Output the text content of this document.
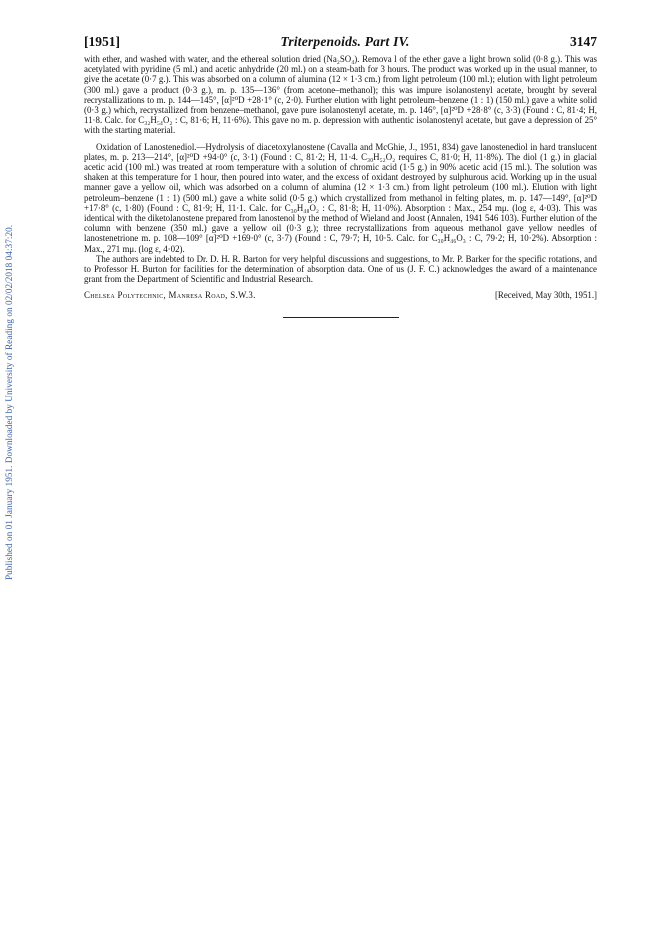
Published on 01 January 1951. Downloaded by University of Reading on 02/02/2018 04:37:20.
[1951]	Triterpenoids. Part IV.	3147

with ether, and washed with water, and the ethereal solution dried (Na₂SO₄). Remova l of the ether gave a light brown solid (0·8 g.). This was acetylated with pyridine (5 ml.) and acetic anhydride (20 ml.) on a steam-bath for 3 hours. The product was worked up in the usual manner, to give the acetate (0·7 g.). This was absorbed on a column of alumina (12 × 1·3 cm.) from light petroleum (100 ml.); elution with light petroleum (300 ml.) gave a product (0·3 g.), m. p. 135—136° (from acetone–methanol); this was impure isolanostenyl acetate, brought by several recrystallizations to m. p. 144—145°, [α]²⁰D +28·1° (c, 2·0). Further elution with light petroleum–benzene (1 : 1) (150 ml.) gave a white solid (0·3 g.) which, recrystallized from benzene–methanol, gave pure isolanostenyl acetate, m. p. 146°, [α]²⁰D +28·8° (c, 3·3) (Found : C, 81·4; H, 11·8. Calc. for C₃₂H₅₄O₂ : C, 81·6; H, 11·6%). This gave no m. p. depression with authentic isolanostenyl acetate, but gave a depression of 25° with the starting material.

Oxidation of Lanostenediol.—Hydrolysis of diacetoxylanostene (Cavalla and McGhie, J., 1951, 834) gave lanostenediol in hard translucent plates, m. p. 213—214°, [α]²⁰D +94·0° (c, 3·1) (Found : C, 81·2; H, 11·4. C₃₀H₅₂O₂ requires C, 81·0; H, 11·8%). The diol (1 g.) in glacial acetic acid (100 ml.) was treated at room temperature with a solution of chromic acid (1·5 g.) in 90% acetic acid (15 ml.). The solution was shaken at this temperature for 1 hour, then poured into water, and the excess of oxidant destroyed by sulphurous acid. Working up in the usual manner gave a yellow oil, which was adsorbed on a column of alumina (12 × 1·3 cm.) from light petroleum (100 ml.). Elution with light petroleum–benzene (1 : 1) (500 ml.) gave a white solid (0·5 g.) which crystallized from methanol in felting plates, m. p. 147—149°, [α]²⁰D +17·8° (c, 1·80) (Found : C, 81·9; H, 11·1. Calc. for C₃₀H₄₈O₂ : C, 81·8; H, 11·0%). Absorption : Max., 254 mμ. (log ε, 4·03). This was identical with the diketolanostene prepared from lanostenol by the method of Wieland and Joost (Annalen, 1941 546 103). Further elution of the column with benzene (350 ml.) gave a yellow oil (0·3 g.); three recrystallizations from aqueous methanol gave yellow needles of lanostenetrione m. p. 108—109° [α]²⁰D +169·0° (c, 3·7) (Found : C, 79·7; H, 10·5. Calc. for C₃₀H₄₆O₃ : C, 79·2; H, 10·2%). Absorption : Max., 271 mμ. (log ε, 4·02).

The authors are indebted to Dr. D. H. R. Barton for very helpful discussions and suggestions, to Mr. P. Barker for the specific rotations, and to Professor H. Burton for facilities for the determination of absorption data. One of us (J. F. C.) acknowledges the award of a maintenance grant from the Department of Scientific and Industrial Research.

Chelsea Polytechnic, Manresa Road, S.W.3.	[Received, May 30th, 1951.]
